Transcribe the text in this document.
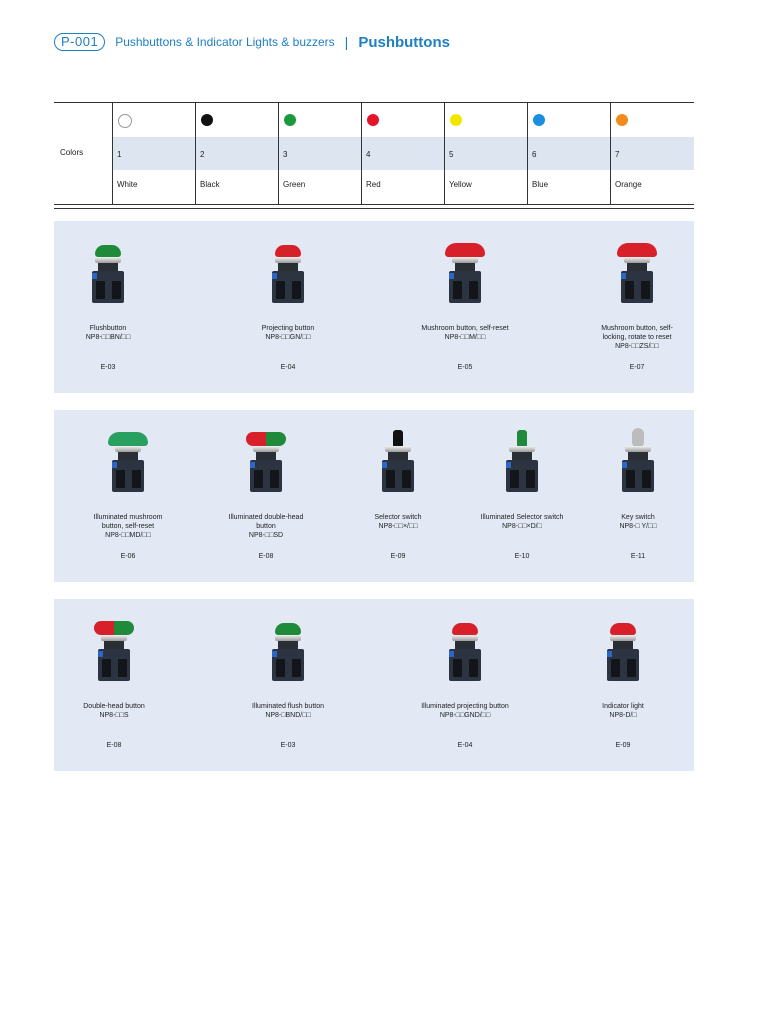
P-001	Pushbuttons & Indicator Lights & buzzers | Pushbuttons
Colors	1
White
2
Black
3
Green
4
Red
5
Yellow
6
Blue
7
Orange
Flushbutton
NP8-□□BN/□□
E-03
Projecting button
NP8-□□GN/□□
E-04
Mushroom button, self-reset
NP8-□□M/□□
E-05
Mushroom button, self-locking, rotate to reset
NP8-□□ZS/□□
E-07
Illuminated mushroom button, self-reset
NP8-□□MD/□□
E-06
Illuminated double-head button
NP8-□□SD
E-08
Selector switch
NP8-□□×/□□
E-09
Illuminated Selector switch
NP8-□□×D/□
E-10
Key switch
NP8-□ Y/□□
E-11
Double-head button
NP8-□□S
E-08
Illuminated flush button
NP8-□BND/□□
E-03
Illuminated projecting button
NP8-□□GND/□□
E-04
Indicator light
NP8-D/□
E-09
